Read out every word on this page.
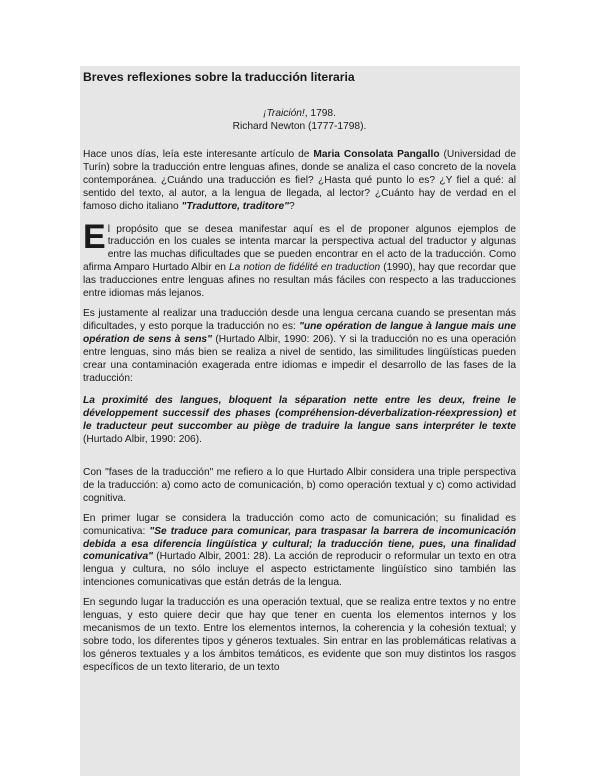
Breves reflexiones sobre la traducción literaria
¡Traición!, 1798.
Richard Newton (1777-1798).

Hace unos días, leía este interesante artículo de Maria Consolata Pangallo (Universidad de Turín) sobre la traducción entre lenguas afines, donde se analiza el caso concreto de la novela contemporánea. ¿Cuándo una traducción es fiel? ¿Hasta qué punto lo es? ¿Y fiel a qué: al sentido del texto, al autor, a la lengua de llegada, al lector? ¿Cuánto hay de verdad en el famoso dicho italiano "Traduttore, traditore"?

El propósito que se desea manifestar aquí es el de proponer algunos ejemplos de traducción en los cuales se intenta marcar la perspectiva actual del traductor y algunas entre las muchas dificultades que se pueden encontrar en el acto de la traducción. Como afirma Amparo Hurtado Albir en La notion de fidélité en traduction (1990), hay que recordar que las traducciones entre lenguas afines no resultan más fáciles con respecto a las traducciones entre idiomas más lejanos.

Es justamente al realizar una traducción desde una lengua cercana cuando se presentan más dificultades, y esto porque la traducción no es: "une opération de langue à langue mais une opération de sens à sens" (Hurtado Albir, 1990: 206). Y si la traducción no es una operación entre lenguas, sino más bien se realiza a nivel de sentido, las similitudes lingüísticas pueden crear una contaminación exagerada entre idiomas e impedir el desarrollo de las fases de la traducción:

La proximité des langues, bloquent la séparation nette entre les deux, freine le développement successif des phases (compréhension-déverbalization-réexpression) et le traducteur peut succomber au piège de traduire la langue sans interpréter le texte (Hurtado Albir, 1990: 206).

Con "fases de la traducción" me refiero a lo que Hurtado Albir considera una triple perspectiva de la traducción: a) como acto de comunicación, b) como operación textual y c) como actividad cognitiva.

En primer lugar se considera la traducción como acto de comunicación; su finalidad es comunicativa: "Se traduce para comunicar, para traspasar la barrera de incomunicación debida a esa diferencia lingüística y cultural; la traducción tiene, pues, una finalidad comunicativa" (Hurtado Albir, 2001: 28). La acción de reproducir o reformular un texto en otra lengua y cultura, no sólo incluye el aspecto estrictamente lingüístico sino también las intenciones comunicativas que están detrás de la lengua.

En segundo lugar la traducción es una operación textual, que se realiza entre textos y no entre lenguas, y esto quiere decir que hay que tener en cuenta los elementos internos y los mecanismos de un texto. Entre los elementos internos, la coherencia y la cohesión textual; y sobre todo, los diferentes tipos y géneros textuales. Sin entrar en las problemáticas relativas a los géneros textuales y a los ámbitos temáticos, es evidente que son muy distintos los rasgos específicos de un texto literario, de un texto
